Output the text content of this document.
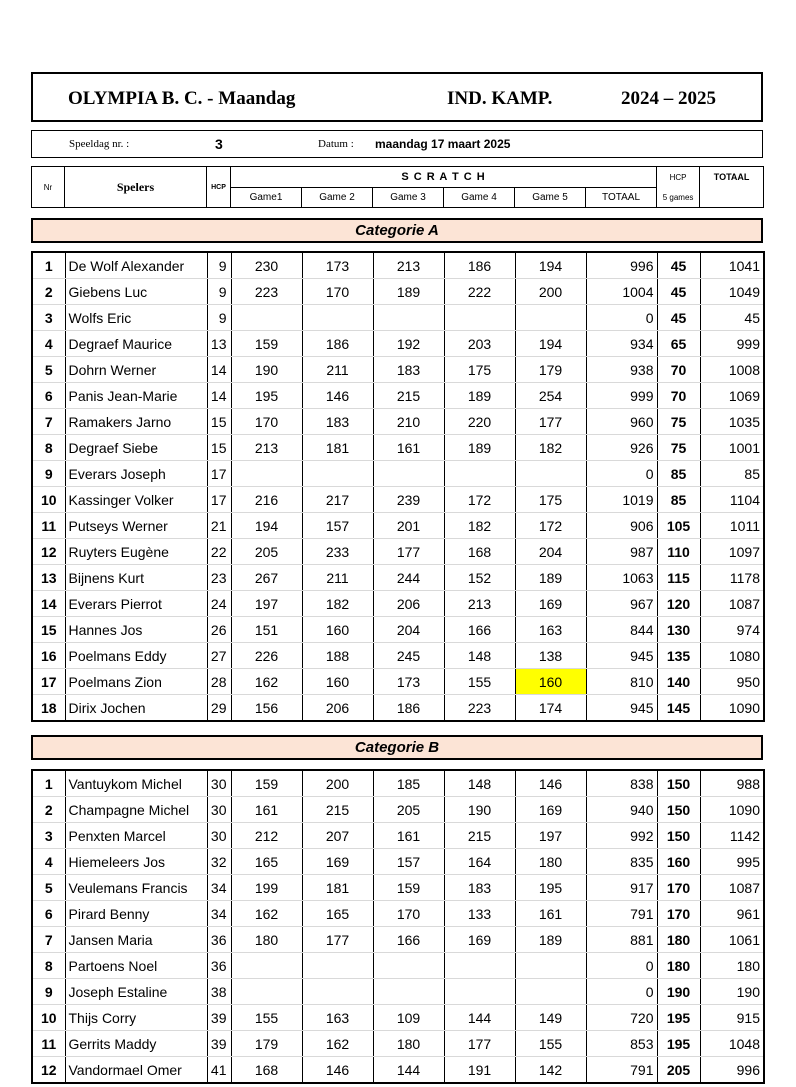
OLYMPIA B. C. - Maandag	IND. KAMP.	2024 – 2025
Speeldag nr. :	3	Datum : maandag 17 maart 2025
Nr	Spelers	HCP	S C R A T C H						HCP	TOTAAL
			Game1	Game 2	Game 3	Game 4	Game 5	TOTAAL	5 games	
Categorie A
1	De Wolf Alexander	9	230	173	213	186	194	996	45	1041
2	Giebens Luc	9	223	170	189	222	200	1004	45	1049
3	Wolfs Eric	9						0	45	45
4	Degraef Maurice	13	159	186	192	203	194	934	65	999
5	Dohrn Werner	14	190	211	183	175	179	938	70	1008
6	Panis Jean-Marie	14	195	146	215	189	254	999	70	1069
7	Ramakers Jarno	15	170	183	210	220	177	960	75	1035
8	Degraef Siebe	15	213	181	161	189	182	926	75	1001
9	Everars Joseph	17						0	85	85
10	Kassinger Volker	17	216	217	239	172	175	1019	85	1104
11	Putseys Werner	21	194	157	201	182	172	906	105	1011
12	Ruyters Eugène	22	205	233	177	168	204	987	110	1097
13	Bijnens Kurt	23	267	211	244	152	189	1063	115	1178
14	Everars Pierrot	24	197	182	206	213	169	967	120	1087
15	Hannes Jos	26	151	160	204	166	163	844	130	974
16	Poelmans Eddy	27	226	188	245	148	138	945	135	1080
17	Poelmans Zion	28	162	160	173	155	160	810	140	950
18	Dirix Jochen	29	156	206	186	223	174	945	145	1090
Categorie B
1	Vantuykom Michel	30	159	200	185	148	146	838	150	988
2	Champagne Michel	30	161	215	205	190	169	940	150	1090
3	Penxten Marcel	30	212	207	161	215	197	992	150	1142
4	Hiemeleers Jos	32	165	169	157	164	180	835	160	995
5	Veulemans Francis	34	199	181	159	183	195	917	170	1087
6	Pirard Benny	34	162	165	170	133	161	791	170	961
7	Jansen Maria	36	180	177	166	169	189	881	180	1061
8	Partoens Noel	36						0	180	180
9	Joseph Estaline	38						0	190	190
10	Thijs Corry	39	155	163	109	144	149	720	195	915
11	Gerrits Maddy	39	179	162	180	177	155	853	195	1048
12	Vandormael Omer	41	168	146	144	191	142	791	205	996
